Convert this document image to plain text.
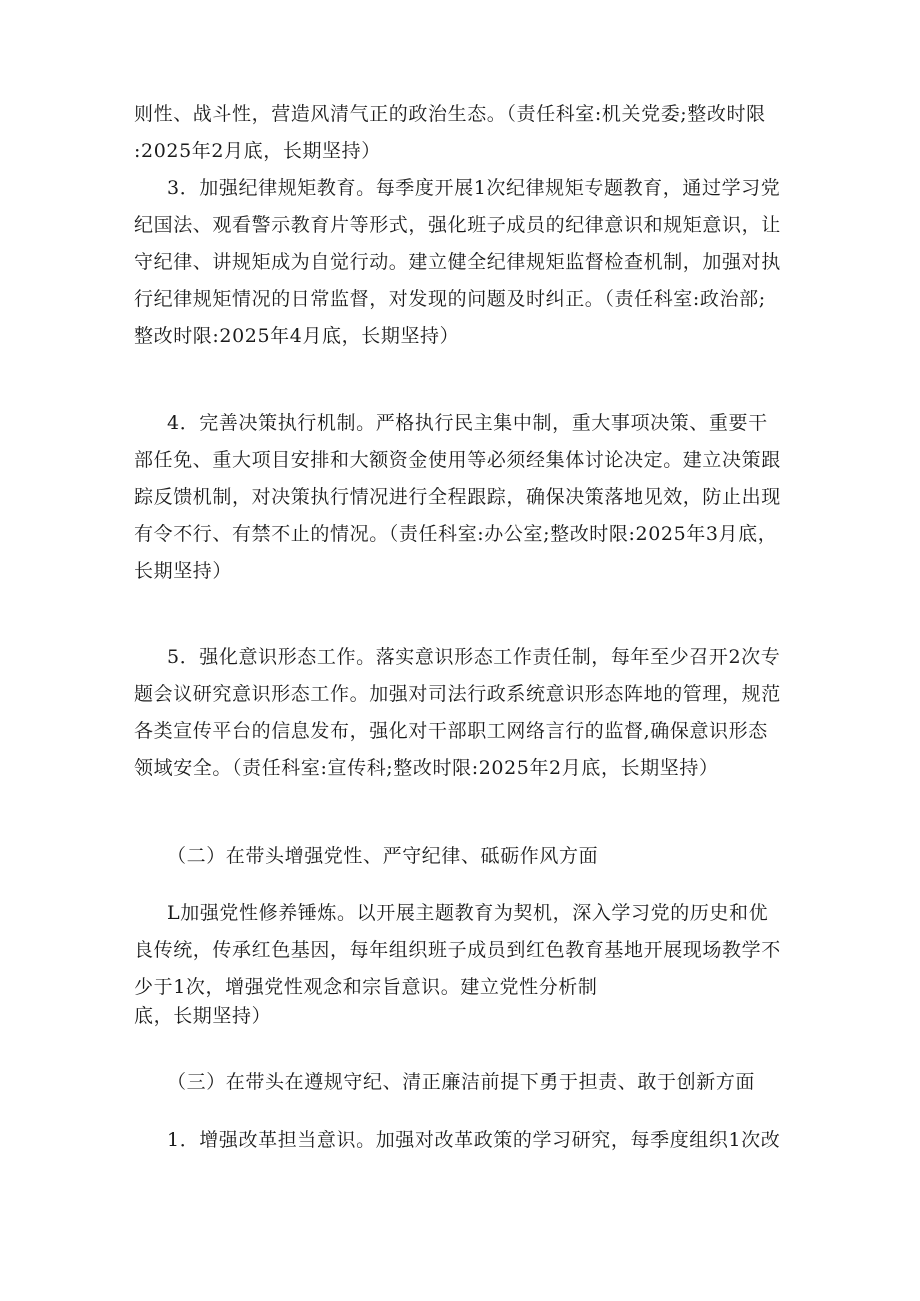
则性、战斗性，营造风清气正的政治生态。（责任科室:机关党委;整改时限
:2025年2月底，长期坚持）

3．加强纪律规矩教育。每季度开展1次纪律规矩专题教育，通过学习党
纪国法、观看警示教育片等形式，强化班子成员的纪律意识和规矩意识，让
守纪律、讲规矩成为自觉行动。建立健全纪律规矩监督检查机制，加强对执
行纪律规矩情况的日常监督，对发现的问题及时纠正。（责任科室:政治部;
整改时限:2025年4月底，长期坚持）

4．完善决策执行机制。严格执行民主集中制，重大事项决策、重要干
部任免、重大项目安排和大额资金使用等必须经集体讨论决定。建立决策跟
踪反馈机制，对决策执行情况进行全程跟踪，确保决策落地见效，防止出现
有令不行、有禁不止的情况。（责任科室:办公室;整改时限:2025年3月底，
长期坚持）

5．强化意识形态工作。落实意识形态工作责任制，每年至少召开2次专
题会议研究意识形态工作。加强对司法行政系统意识形态阵地的管理，规范
各类宣传平台的信息发布，强化对干部职工网络言行的监督,确保意识形态
领域安全。（责任科室:宣传科;整改时限:2025年2月底，长期坚持）

（二）在带头增强党性、严守纪律、砥砺作风方面

L加强党性修养锤炼。以开展主题教育为契机，深入学习党的历史和优
良传统，传承红色基因，每年组织班子成员到红色教育基地开展现场教学不
少于1次，增强党性观念和宗旨意识。建立党性分析制
底，长期坚持）

（三）在带头在遵规守纪、清正廉洁前提下勇于担责、敢于创新方面

1．增强改革担当意识。加强对改革政策的学习研究，每季度组织1次改
